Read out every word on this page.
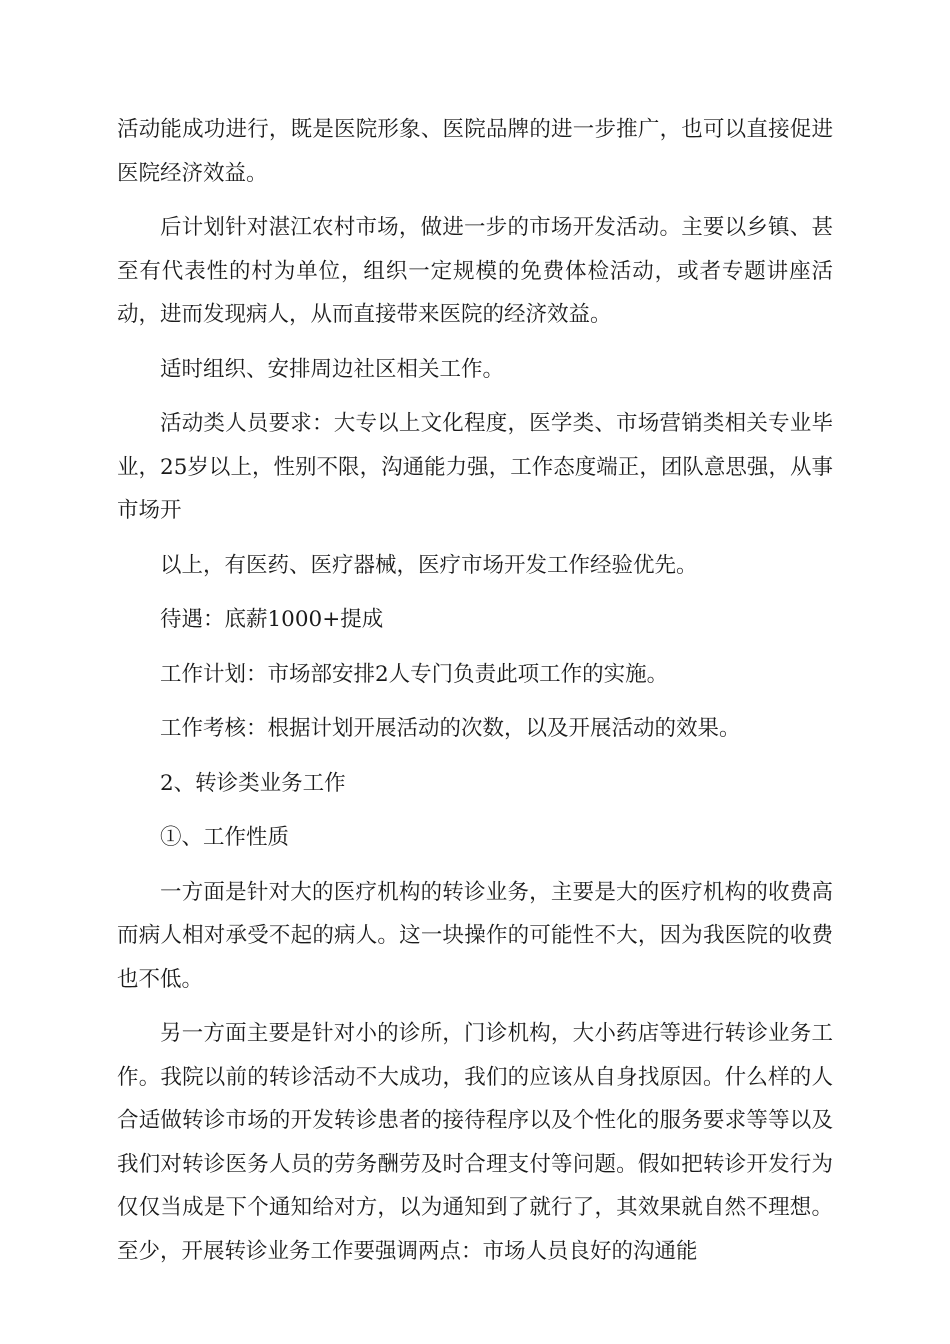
活动能成功进行，既是医院形象、医院品牌的进一步推广，也可以直接促进医院经济效益。

后计划针对湛江农村市场，做进一步的市场开发活动。主要以乡镇、甚至有代表性的村为单位，组织一定规模的免费体检活动，或者专题讲座活动，进而发现病人，从而直接带来医院的经济效益。

适时组织、安排周边社区相关工作。

活动类人员要求：大专以上文化程度，医学类、市场营销类相关专业毕业，25岁以上，性别不限，沟通能力强，工作态度端正，团队意思强，从事市场开

以上，有医药、医疗器械，医疗市场开发工作经验优先。

待遇：底薪1000+提成

工作计划：市场部安排2人专门负责此项工作的实施。

工作考核：根据计划开展活动的次数，以及开展活动的效果。

2、转诊类业务工作

①、工作性质

一方面是针对大的医疗机构的转诊业务，主要是大的医疗机构的收费高而病人相对承受不起的病人。这一块操作的可能性不大，因为我医院的收费也不低。

另一方面主要是针对小的诊所，门诊机构，大小药店等进行转诊业务工作。我院以前的转诊活动不大成功，我们的应该从自身找原因。什么样的人合适做转诊市场的开发转诊患者的接待程序以及个性化的服务要求等等以及我们对转诊医务人员的劳务酬劳及时合理支付等问题。假如把转诊开发行为仅仅当成是下个通知给对方，以为通知到了就行了，其效果就自然不理想。至少，开展转诊业务工作要强调两点：市场人员良好的沟通能
